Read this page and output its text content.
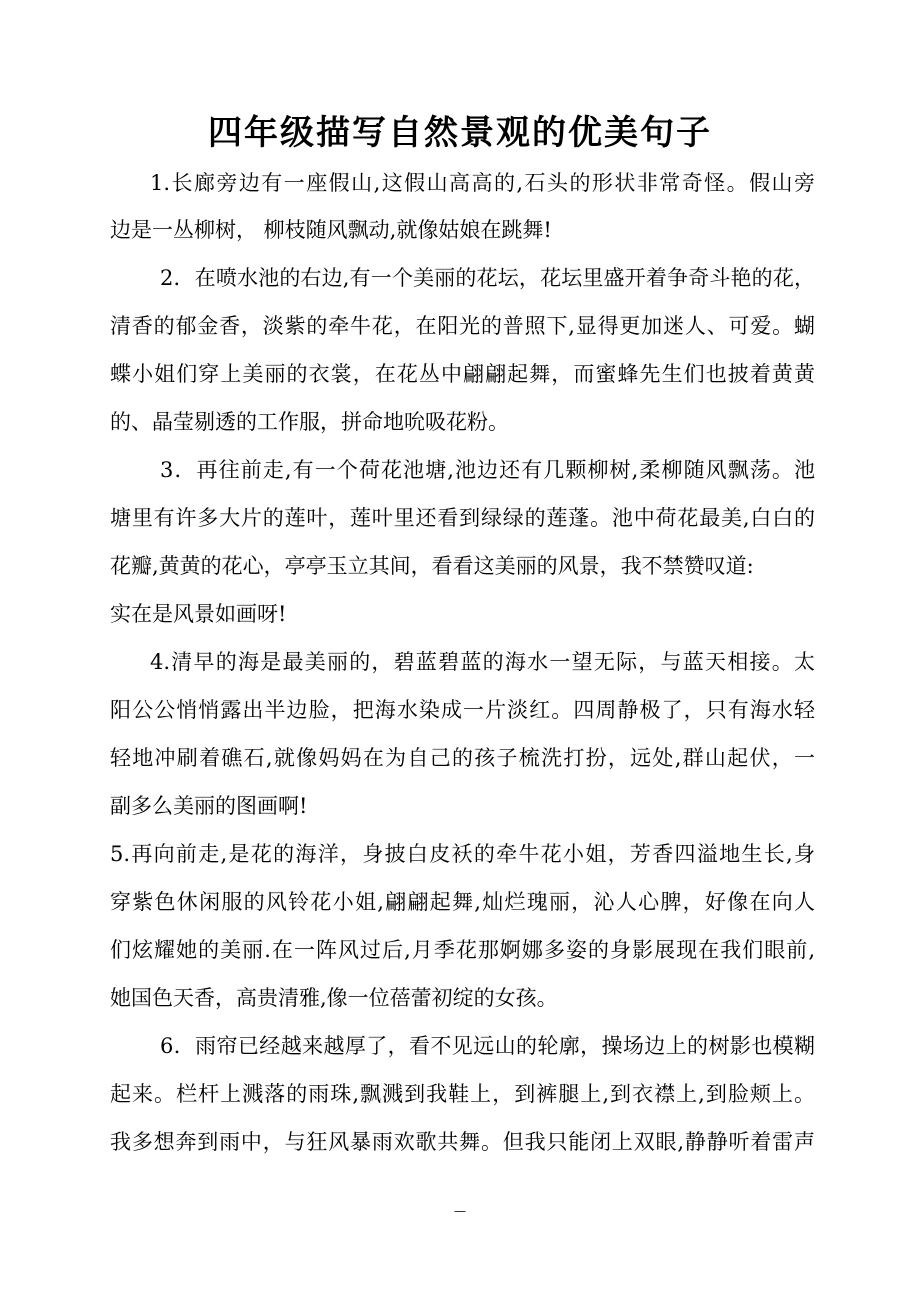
四年级描写自然景观的优美句子
1.长廊旁边有一座假山,这假山高高的,石头的形状非常奇怪。假山旁
边是一丛柳树， 柳枝随风飘动,就像姑娘在跳舞!
2．在喷水池的右边,有一个美丽的花坛，花坛里盛开着争奇斗艳的花，
清香的郁金香，淡紫的牵牛花，在阳光的普照下,显得更加迷人、可爱。蝴
蝶小姐们穿上美丽的衣裳，在花丛中翩翩起舞，而蜜蜂先生们也披着黄黄
的、晶莹剔透的工作服，拼命地吮吸花粉。
3．再往前走,有一个荷花池塘,池边还有几颗柳树,柔柳随风飘荡。池
塘里有许多大片的莲叶，莲叶里还看到绿绿的莲蓬。池中荷花最美,白白的
花瓣,黄黄的花心，亭亭玉立其间，看看这美丽的风景，我不禁赞叹道:
实在是风景如画呀!
4.清早的海是最美丽的，碧蓝碧蓝的海水一望无际，与蓝天相接。太
阳公公悄悄露出半边脸，把海水染成一片淡红。四周静极了，只有海水轻
轻地冲刷着礁石,就像妈妈在为自己的孩子梳洗打扮，远处,群山起伏，一
副多么美丽的图画啊!
5.再向前走,是花的海洋，身披白皮袄的牵牛花小姐，芳香四溢地生长,身
穿紫色休闲服的风铃花小姐,翩翩起舞,灿烂瑰丽，沁人心脾，好像在向人
们炫耀她的美丽.在一阵风过后,月季花那婀娜多姿的身影展现在我们眼前,
她国色天香，高贵清雅,像一位蓓蕾初绽的女孩。
6．雨帘已经越来越厚了，看不见远山的轮廓，操场边上的树影也模糊
起来。栏杆上溅落的雨珠,飘溅到我鞋上，到裤腿上,到衣襟上,到脸颊上。
我多想奔到雨中，与狂风暴雨欢歌共舞。但我只能闭上双眼,静静听着雷声
—
